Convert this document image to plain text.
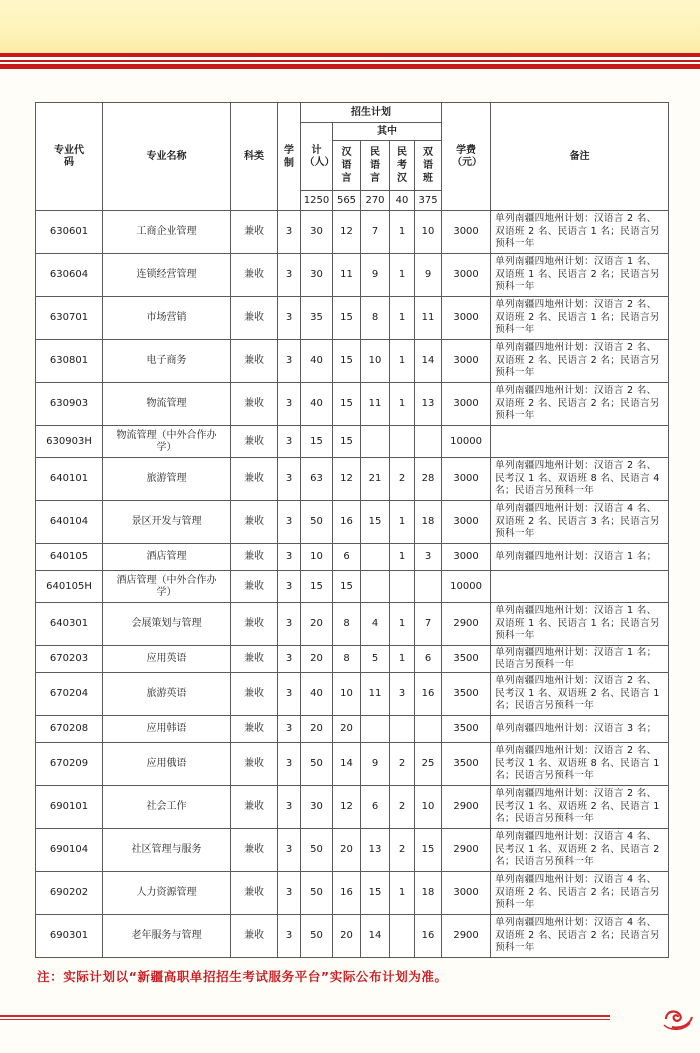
专业代码	专业名称	科类	学制	招生计划					学费（元）	备注
				计（人）	其中					
					汉语言	民语言	民考汉	双语班		
				1250	565	270	40	375		
630601	工商企业管理	兼收	3	30	12	7	1	10	3000	单列南疆四地州计划：汉语言 2 名、双语班 2 名、民语言 1 名；民语言另预科一年
630604	连锁经营管理	兼收	3	30	11	9	1	9	3000	单列南疆四地州计划：汉语言 1 名、双语班 1 名、民语言 2 名；民语言另预科一年
630701	市场营销	兼收	3	35	15	8	1	11	3000	单列南疆四地州计划：汉语言 2 名、双语班 2 名、民语言 1 名；民语言另预科一年
630801	电子商务	兼收	3	40	15	10	1	14	3000	单列南疆四地州计划：汉语言 2 名、双语班 2 名、民语言 2 名；民语言另预科一年
630903	物流管理	兼收	3	40	15	11	1	13	3000	单列南疆四地州计划：汉语言 2 名、双语班 2 名、民语言 2 名；民语言另预科一年
630903H	物流管理（中外合作办学）	兼收	3	15	15				10000	
640101	旅游管理	兼收	3	63	12	21	2	28	3000	单列南疆四地州计划：汉语言 2 名、民考汉 1 名、双语班 8 名、民语言 4 名；民语言另预科一年
640104	景区开发与管理	兼收	3	50	16	15	1	18	3000	单列南疆四地州计划：汉语言 4 名、双语班 2 名、民语言 3 名；民语言另预科一年
640105	酒店管理	兼收	3	10	6		1	3	3000	单列南疆四地州计划：汉语言 1 名；
640105H	酒店管理（中外合作办学）	兼收	3	15	15				10000	
640301	会展策划与管理	兼收	3	20	8	4	1	7	2900	单列南疆四地州计划：汉语言 1 名、双语班 1 名、民语言 1 名；民语言另预科一年
670203	应用英语	兼收	3	20	8	5	1	6	3500	单列南疆四地州计划：汉语言 1 名；民语言另预科一年
670204	旅游英语	兼收	3	40	10	11	3	16	3500	单列南疆四地州计划：汉语言 2 名、民考汉 1 名、双语班 2 名、民语言 1 名；民语言另预科一年
670208	应用韩语	兼收	3	20	20				3500	单列南疆四地州计划：汉语言 3 名；
670209	应用俄语	兼收	3	50	14	9	2	25	3500	单列南疆四地州计划：汉语言 2 名、民考汉 1 名、双语班 8 名、民语言 1 名；民语言另预科一年
690101	社会工作	兼收	3	30	12	6	2	10	2900	单列南疆四地州计划：汉语言 2 名、民考汉 1 名、双语班 2 名、民语言 1 名；民语言另预科一年
690104	社区管理与服务	兼收	3	50	20	13	2	15	2900	单列南疆四地州计划：汉语言 4 名、民考汉 1 名、双语班 2 名、民语言 2 名；民语言另预科一年
690202	人力资源管理	兼收	3	50	16	15	1	18	3000	单列南疆四地州计划：汉语言 4 名、双语班 2 名、民语言 2 名；民语言另预科一年
690301	老年服务与管理	兼收	3	50	20	14		16	2900	单列南疆四地州计划：汉语言 4 名、双语班 2 名、民语言 2 名；民语言另预科一年
注：实际计划以“新疆高职单招招生考试服务平台”实际公布计划为准。
